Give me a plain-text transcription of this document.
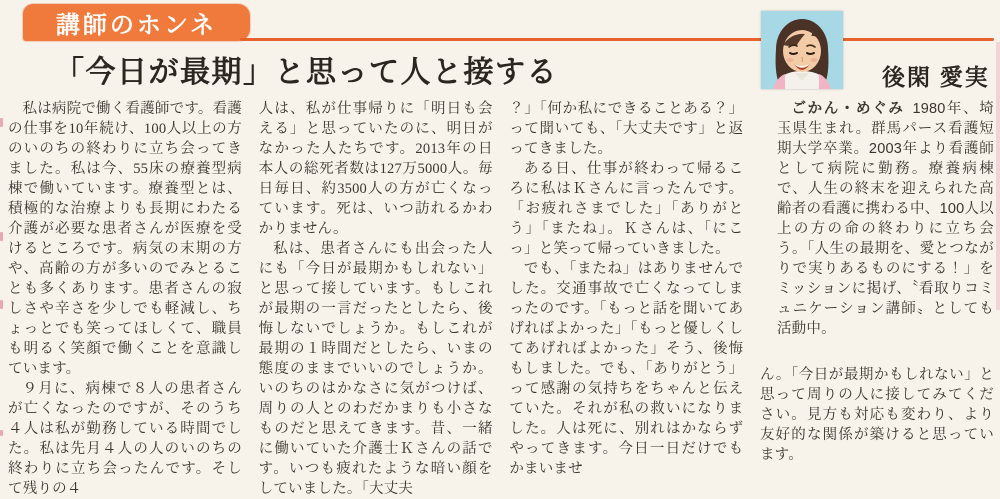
講師のホンネ
「今日が最期」と思って人と接する	後閑 愛実

私は病院で働く看護師です。看護の仕事を10年続け、100人以上の方のいのちの終わりに立ち会ってきました。私は今、55床の療養型病棟で働いています。療養型とは、積極的な治療よりも長期にわたる介護が必要な患者さんが医療を受けるところです。病気の末期の方や、高齢の方が多いのでみとることも多くあります。患者さんの寂しさや辛さを少しでも軽減し、ちょっとでも笑ってほしくて、職員も明るく笑顔で働くことを意識しています。

９月に、病棟で８人の患者さんが亡くなったのですが、そのうち４人は私が勤務している時間でした。私は先月４人の人のいのちの終わりに立ち会ったんです。そして残りの４

人は、私が仕事帰りに「明日も会える」と思っていたのに、明日がなかった人たちです。2013年の日本人の総死者数は127万5000人。毎日毎日、約3500人の方が亡くなっています。死は、いつ訪れるかわかりません。

私は、患者さんにも出会った人にも「今日が最期かもしれない」と思って接しています。もしこれが最期の一言だったとしたら、後悔しないでしょうか。もしこれが最期の１時間だとしたら、いまの態度のままでいいのでしょうか。いのちのはかなさに気がつけば、周りの人とのわだかまりも小さなものだと思えてきます。昔、一緒に働いていた介護士Ｋさんの話です。いつも疲れたような暗い顔をしていました。「大丈夫

？」「何か私にできることある？」って聞いても、「大丈夫です」と返ってきました。

ある日、仕事が終わって帰るころに私はＫさんに言ったんです。「お疲れさまでした」「ありがとう」「またね」。Ｋさんは、「にこっ」と笑って帰っていきました。

でも、「またね」はありませんでした。交通事故で亡くなってしまったのです。「もっと話を聞いてあげればよかった」「もっと優しくしてあげればよかった」そう、後悔もしました。でも、「ありがとう」って感謝の気持ちをちゃんと伝えていた。それが私の救いになりました。人は死に、別れはかならずやってきます。今日一日だけでもかまいませ

ごかん・めぐみ 1980年、埼玉県生まれ。群馬パース看護短期大学卒業。2003年より看護師として病院に勤務。療養病棟で、人生の終末を迎えられた高齢者の看護に携わる中、100人以上の方の命の終わりに立ち会う。「人生の最期を、愛とつながりで実りあるものにする！」をミッションに掲げ、〝看取りコミュニケーション講師〟としても活動中。

ん。「今日が最期かもしれない」と思って周りの人に接してみてください。見方も対応も変わり、より友好的な関係が築けると思っています。
